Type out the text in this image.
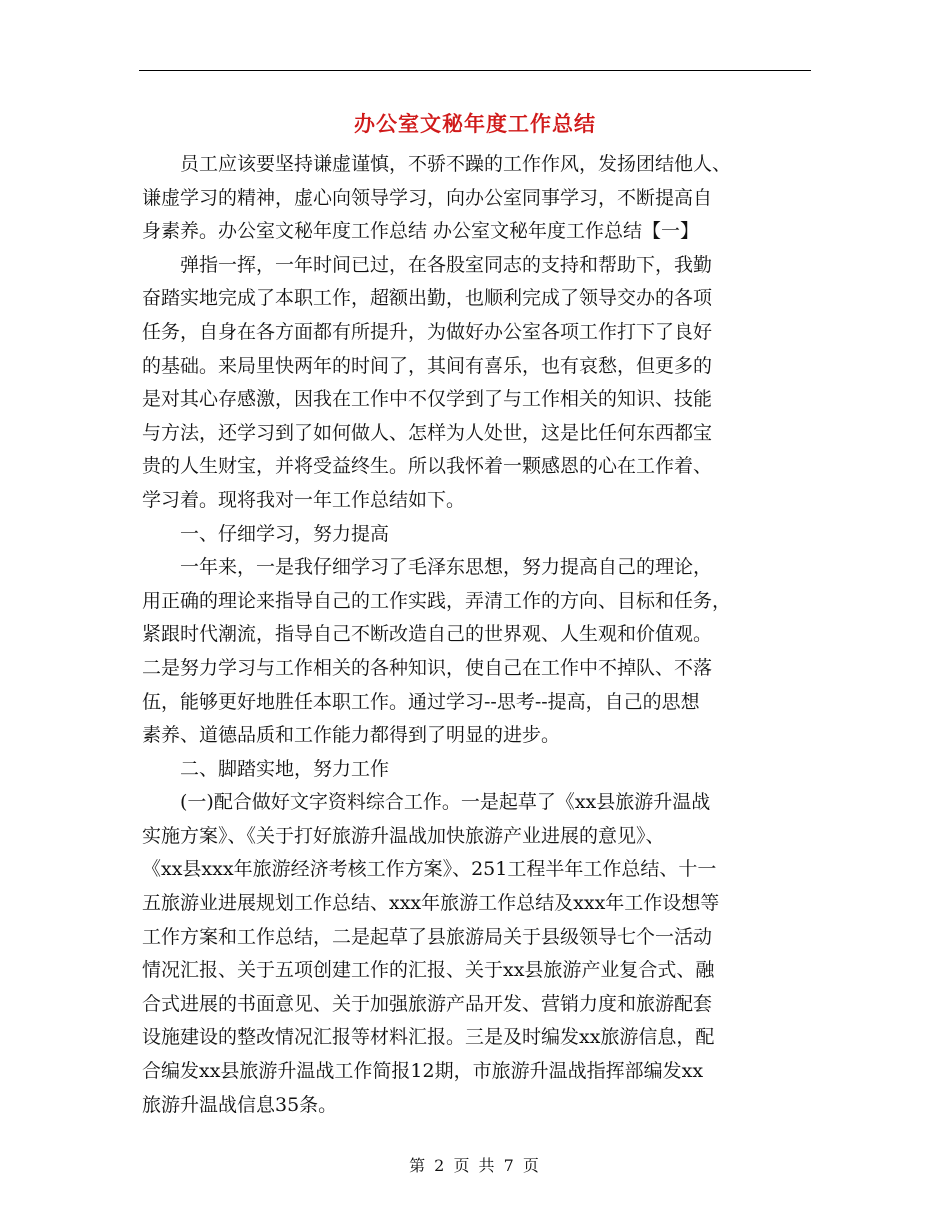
办公室文秘年度工作总结

员工应该要坚持谦虚谨慎，不骄不躁的工作作风，发扬团结他人、

谦虚学习的精神，虚心向领导学习，向办公室同事学习，不断提高自

身素养。办公室文秘年度工作总结 办公室文秘年度工作总结【一】

弹指一挥，一年时间已过，在各股室同志的支持和帮助下，我勤

奋踏实地完成了本职工作，超额出勤，也顺利完成了领导交办的各项

任务，自身在各方面都有所提升，为做好办公室各项工作打下了良好

的基础。来局里快两年的时间了，其间有喜乐，也有哀愁，但更多的

是对其心存感激，因我在工作中不仅学到了与工作相关的知识、技能

与方法，还学习到了如何做人、怎样为人处世，这是比任何东西都宝

贵的人生财宝，并将受益终生。所以我怀着一颗感恩的心在工作着、

学习着。现将我对一年工作总结如下。

一、仔细学习，努力提高

一年来，一是我仔细学习了毛泽东思想，努力提高自己的理论，

用正确的理论来指导自己的工作实践，弄清工作的方向、目标和任务，

紧跟时代潮流，指导自己不断改造自己的世界观、人生观和价值观。

二是努力学习与工作相关的各种知识，使自己在工作中不掉队、不落

伍，能够更好地胜任本职工作。通过学习--思考--提高，自己的思想

素养、道德品质和工作能力都得到了明显的进步。

二、脚踏实地，努力工作

(一)配合做好文字资料综合工作。一是起草了《xx县旅游升温战

实施方案》、《关于打好旅游升温战加快旅游产业进展的意见》、

《xx县xxx年旅游经济考核工作方案》、251工程半年工作总结、十一

五旅游业进展规划工作总结、xxx年旅游工作总结及xxx年工作设想等

工作方案和工作总结，二是起草了县旅游局关于县级领导七个一活动

情况汇报、关于五项创建工作的汇报、关于xx县旅游产业复合式、融

合式进展的书面意见、关于加强旅游产品开发、营销力度和旅游配套

设施建设的整改情况汇报等材料汇报。三是及时编发xx旅游信息，配

合编发xx县旅游升温战工作简报12期，市旅游升温战指挥部编发xx

旅游升温战信息35条。

第 2 页 共 7 页
